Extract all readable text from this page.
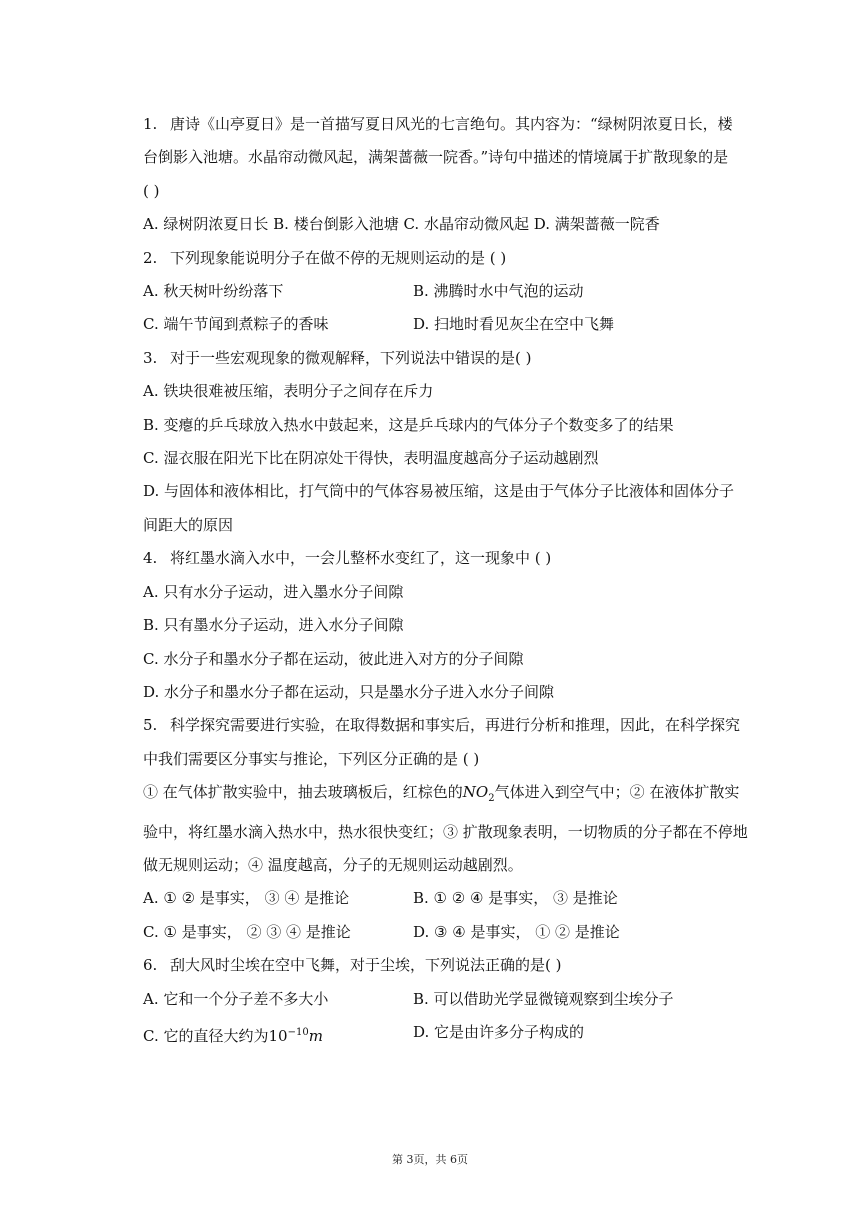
1. 唐诗《山亭夏日》是一首描写夏日风光的七言绝句。其内容为：“绿树阴浓夏日长，楼
台倒影入池塘。水晶帘动微风起，满架蔷薇一院香。”诗句中描述的情境属于扩散现象的是
( )
A. 绿树阴浓夏日长 B. 楼台倒影入池塘 C. 水晶帘动微风起 D. 满架蔷薇一院香
2. 下列现象能说明分子在做不停的无规则运动的是 ( )
A. 秋天树叶纷纷落下	B. 沸腾时水中气泡的运动
C. 端午节闻到煮粽子的香味	D. 扫地时看见灰尘在空中飞舞
3. 对于一些宏观现象的微观解释，下列说法中错误的是( )
A. 铁块很难被压缩，表明分子之间存在斥力
B. 变瘪的乒乓球放入热水中鼓起来，这是乒乓球内的气体分子个数变多了的结果
C. 湿衣服在阳光下比在阴凉处干得快，表明温度越高分子运动越剧烈
D. 与固体和液体相比，打气筒中的气体容易被压缩，这是由于气体分子比液体和固体分子
间距大的原因
4. 将红墨水滴入水中，一会儿整杯水变红了，这一现象中 ( )
A. 只有水分子运动，进入墨水分子间隙
B. 只有墨水分子运动，进入水分子间隙
C. 水分子和墨水分子都在运动，彼此进入对方的分子间隙
D. 水分子和墨水分子都在运动，只是墨水分子进入水分子间隙
5. 科学探究需要进行实验，在取得数据和事实后，再进行分析和推理，因此，在科学探究
中我们需要区分事实与推论，下列区分正确的是 ( )
① 在气体扩散实验中，抽去玻璃板后，红棕色的$NO_2$气体进入到空气中；② 在液体扩散实
验中，将红墨水滴入热水中，热水很快变红；③ 扩散现象表明，一切物质的分子都在不停地
做无规则运动；④ 温度越高，分子的无规则运动越剧烈。
A. ① ② 是事实， ③ ④ 是推论	B. ① ② ④ 是事实， ③ 是推论
C. ① 是事实， ② ③ ④ 是推论	D. ③ ④ 是事实， ① ② 是推论
6. 刮大风时尘埃在空中飞舞，对于尘埃，下列说法正确的是( )
A. 它和一个分子差不多大小	B. 可以借助光学显微镜观察到尘埃分子
C. 它的直径大约为$10^{-10}m$	D. 它是由许多分子构成的
第 3页，共 6页
